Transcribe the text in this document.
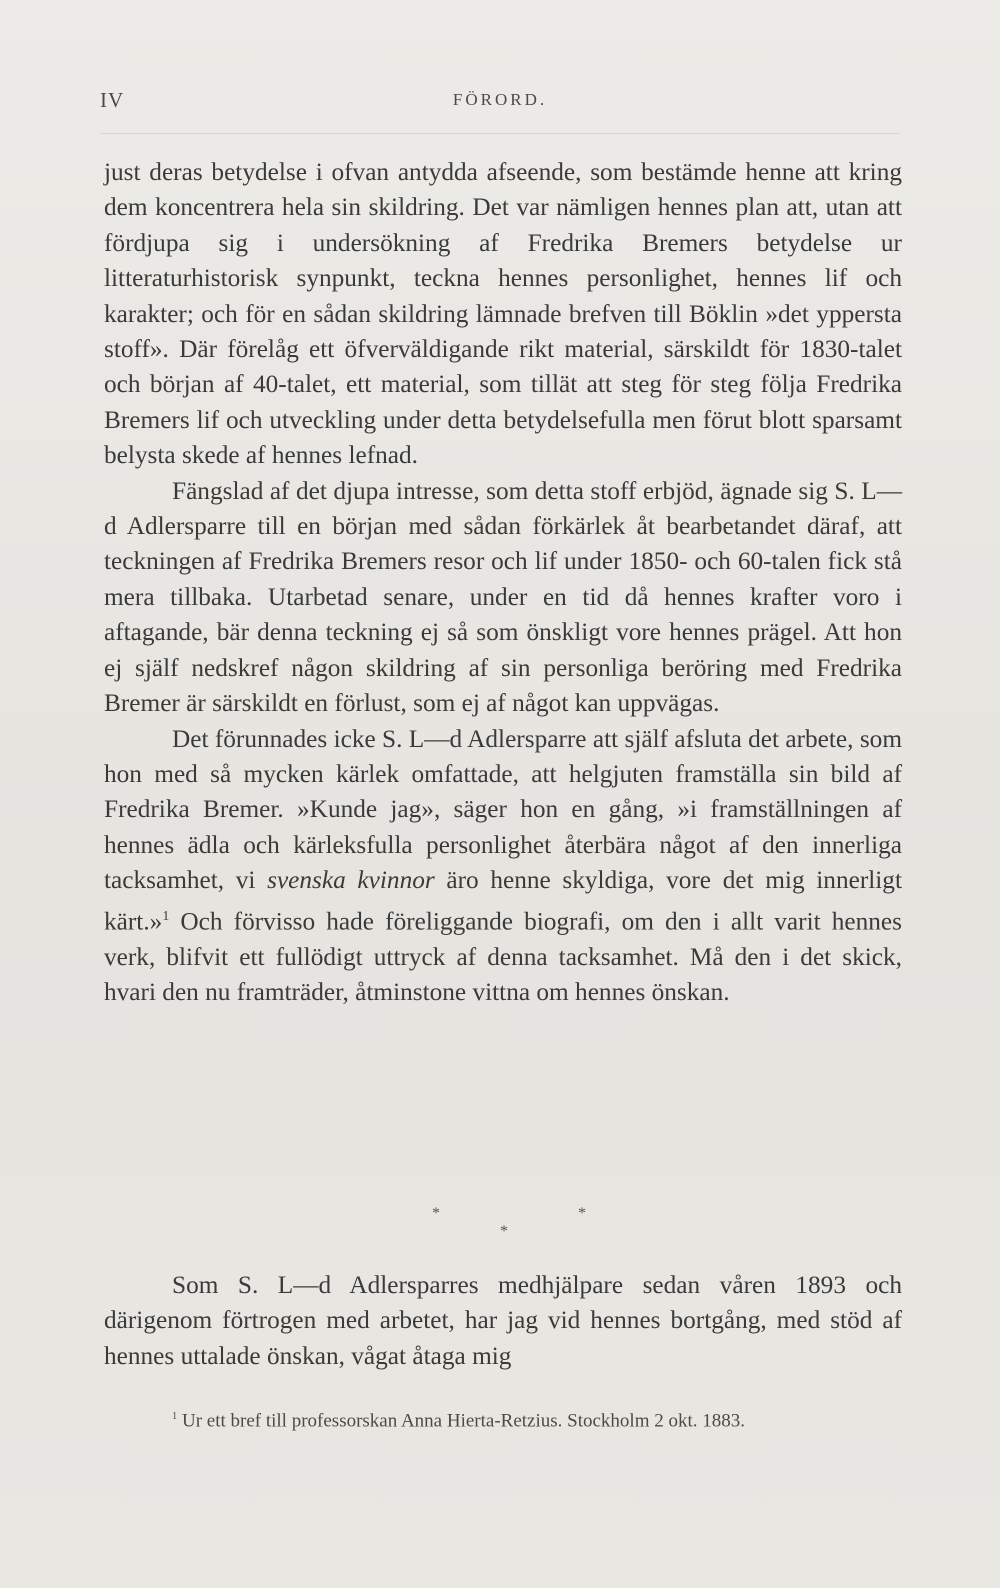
IV	FÖRORD.

just deras betydelse i ofvan antydda afseende, som bestämde henne att kring dem koncentrera hela sin skildring. Det var nämligen hennes plan att, utan att fördjupa sig i undersökning af Fredrika Bremers betydelse ur litteraturhistorisk synpunkt, teckna hennes personlighet, hennes lif och karakter; och för en sådan skildring lämnade brefven till Böklin »det yppersta stoff». Där förelåg ett öfverväldigande rikt material, särskildt för 1830-talet och början af 40-talet, ett material, som tillät att steg för steg följa Fredrika Bremers lif och utveckling under detta betydelsefulla men förut blott sparsamt belysta skede af hennes lefnad.

Fängslad af det djupa intresse, som detta stoff erbjöd, ägnade sig S. L—d Adlersparre till en början med sådan förkärlek åt bearbetandet däraf, att teckningen af Fredrika Bremers resor och lif under 1850- och 60-talen fick stå mera tillbaka. Utarbetad senare, under en tid då hennes krafter voro i aftagande, bär denna teckning ej så som önskligt vore hennes prägel. Att hon ej själf nedskref någon skildring af sin personliga beröring med Fredrika Bremer är särskildt en förlust, som ej af något kan uppvägas.

Det förunnades icke S. L—d Adlersparre att själf afsluta det arbete, som hon med så mycken kärlek omfattade, att helgjuten framställa sin bild af Fredrika Bremer. »Kunde jag», säger hon en gång, »i framställningen af hennes ädla och kärleksfulla personlighet återbära något af den innerliga tacksamhet, vi svenska kvinnor äro henne skyldiga, vore det mig innerligt kärt.»$^1$ Och förvisso hade föreliggande biografi, om den i allt varit hennes verk, blifvit ett fullödigt uttryck af denna tacksamhet. Må den i det skick, hvari den nu framträder, åtminstone vittna om hennes önskan.

*	*
*

Som S. L—d Adlersparres medhjälpare sedan våren 1893 och därigenom förtrogen med arbetet, har jag vid hennes bortgång, med stöd af hennes uttalade önskan, vågat åtaga mig

$^1$ Ur ett bref till professorskan Anna Hierta-Retzius. Stockholm 2 okt. 1883.
